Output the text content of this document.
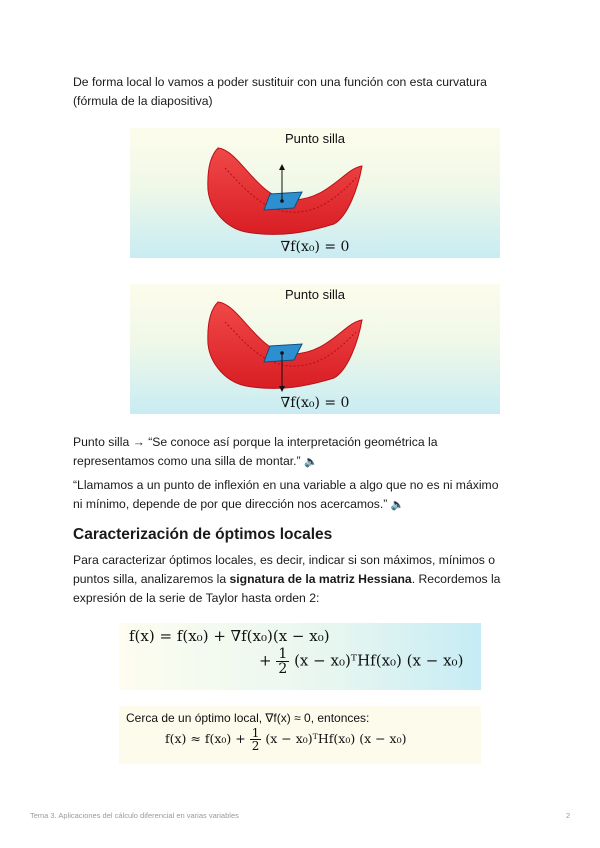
De forma local lo vamos a poder sustituir con una función con esta curvatura
(fórmula de la diapositiva)
Punto silla
∇f(x₀) = 0
Punto silla
∇f(x₀) = 0
Punto silla → “Se conoce así porque la interpretación geométrica la
representamos como una silla de montar.” 🔈
“Llamamos a un punto de inflexión en una variable a algo que no es ni máximo
ni mínimo, depende de por que dirección nos acercamos.” 🔈
Caracterización de óptimos locales
Para caracterizar óptimos locales, es decir, indicar si son máximos, mínimos o
puntos silla, analizaremos la signatura de la matriz Hessiana. Recordemos la
expresión de la serie de Taylor hasta orden 2:
f(x) = f(x₀) + ∇f(x₀)(x − x₀)
+ $\frac{1}{2} (x$ − x₀)ᵀHf(x₀) (x − x₀)
Cerca de un óptimo local, ∇f(x) ≈ 0, entonces:
$f(x) \approx f(x_0) + \frac{1}{2} (x$ − x₀)ᵀHf(x₀) (x − x₀)
Tema 3. Aplicaciones del cálculo diferencial en varias variables	2
